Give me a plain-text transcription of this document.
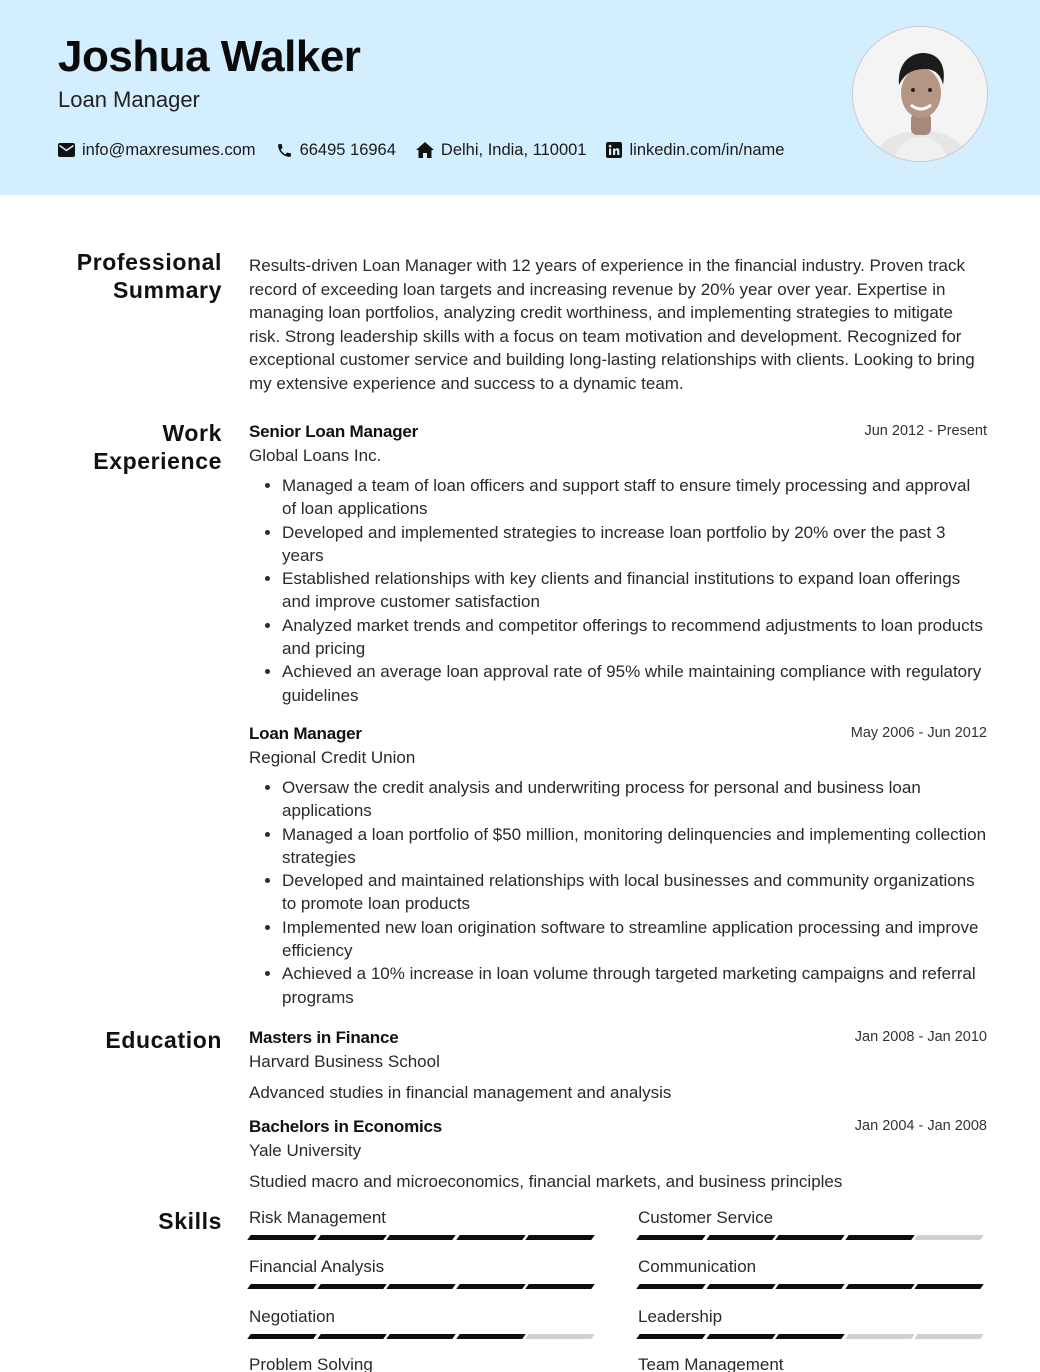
Joshua Walker
Loan Manager
info@maxresumes.com	66495 16964	Delhi, India, 110001	linkedin.com/in/name
Professional
Summary
Work
Experience
Education
Skills
Results-driven Loan Manager with 12 years of experience in the financial industry. Proven track record of exceeding loan targets and increasing revenue by 20% year over year. Expertise in managing loan portfolios, analyzing credit worthiness, and implementing strategies to mitigate risk. Strong leadership skills with a focus on team motivation and development. Recognized for exceptional customer service and building long-lasting relationships with clients. Looking to bring my extensive experience and success to a dynamic team.
Senior Loan Manager	Jun 2012 - Present
Global Loans Inc.
• Managed a team of loan officers and support staff to ensure timely processing and approval of loan applications
• Developed and implemented strategies to increase loan portfolio by 20% over the past 3 years
• Established relationships with key clients and financial institutions to expand loan offerings and improve customer satisfaction
• Analyzed market trends and competitor offerings to recommend adjustments to loan products and pricing
• Achieved an average loan approval rate of 95% while maintaining compliance with regulatory guidelines
Loan Manager	May 2006 - Jun 2012
Regional Credit Union
• Oversaw the credit analysis and underwriting process for personal and business loan applications
• Managed a loan portfolio of $50 million, monitoring delinquencies and implementing collection strategies
• Developed and maintained relationships with local businesses and community organizations to promote loan products
• Implemented new loan origination software to streamline application processing and improve efficiency
• Achieved a 10% increase in loan volume through targeted marketing campaigns and referral programs
Masters in Finance	Jan 2008 - Jan 2010
Harvard Business School
Advanced studies in financial management and analysis
Bachelors in Economics	Jan 2004 - Jan 2008
Yale University
Studied macro and microeconomics, financial markets, and business principles
Risk Management	Customer Service
Financial Analysis	Communication
Negotiation	Leadership
Problem Solving	Team Management
